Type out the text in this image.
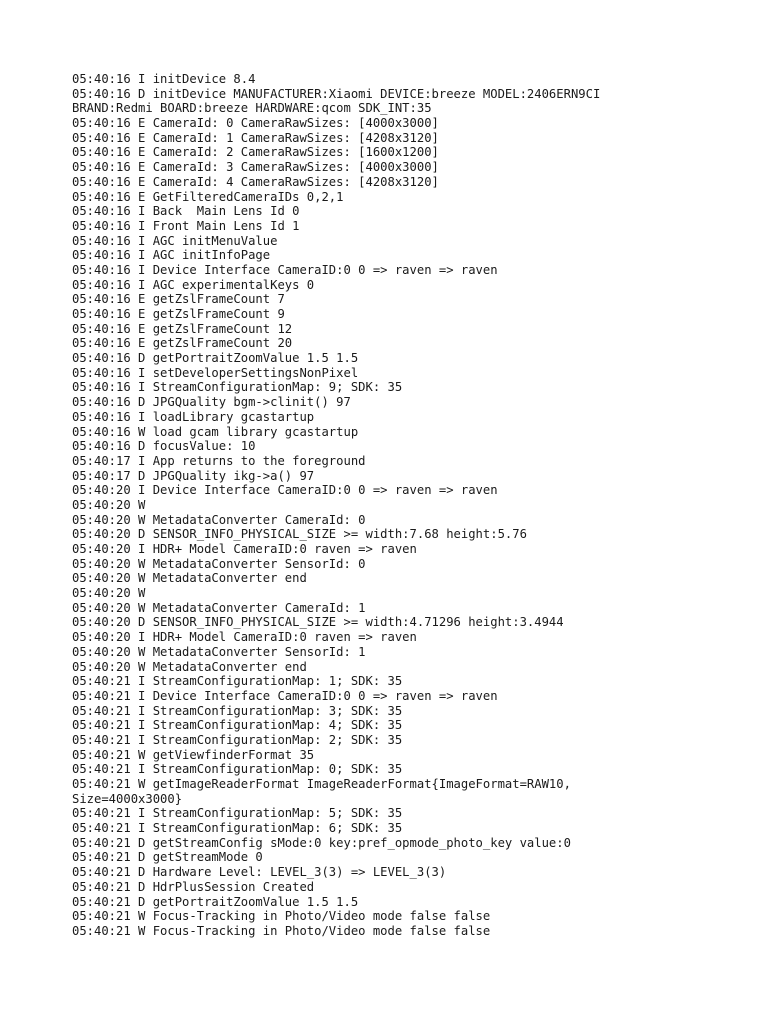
05:40:16 I initDevice 8.4
05:40:16 D initDevice MANUFACTURER:Xiaomi DEVICE:breeze MODEL:2406ERN9CI
BRAND:Redmi BOARD:breeze HARDWARE:qcom SDK_INT:35
05:40:16 E CameraId: 0 CameraRawSizes: [4000x3000]
05:40:16 E CameraId: 1 CameraRawSizes: [4208x3120]
05:40:16 E CameraId: 2 CameraRawSizes: [1600x1200]
05:40:16 E CameraId: 3 CameraRawSizes: [4000x3000]
05:40:16 E CameraId: 4 CameraRawSizes: [4208x3120]
05:40:16 E GetFilteredCameraIDs 0,2,1
05:40:16 I Back  Main Lens Id 0
05:40:16 I Front Main Lens Id 1
05:40:16 I AGC initMenuValue
05:40:16 I AGC initInfoPage
05:40:16 I Device Interface CameraID:0 0 => raven => raven
05:40:16 I AGC experimentalKeys 0
05:40:16 E getZslFrameCount 7
05:40:16 E getZslFrameCount 9
05:40:16 E getZslFrameCount 12
05:40:16 E getZslFrameCount 20
05:40:16 D getPortraitZoomValue 1.5 1.5
05:40:16 I setDeveloperSettingsNonPixel
05:40:16 I StreamConfigurationMap: 9; SDK: 35
05:40:16 D JPGQuality bgm->clinit() 97
05:40:16 I loadLibrary gcastartup
05:40:16 W load gcam library gcastartup
05:40:16 D focusValue: 10
05:40:17 I App returns to the foreground
05:40:17 D JPGQuality ikg->a() 97
05:40:20 I Device Interface CameraID:0 0 => raven => raven
05:40:20 W
05:40:20 W MetadataConverter CameraId: 0
05:40:20 D SENSOR_INFO_PHYSICAL_SIZE >= width:7.68 height:5.76
05:40:20 I HDR+ Model CameraID:0 raven => raven
05:40:20 W MetadataConverter SensorId: 0
05:40:20 W MetadataConverter end
05:40:20 W
05:40:20 W MetadataConverter CameraId: 1
05:40:20 D SENSOR_INFO_PHYSICAL_SIZE >= width:4.71296 height:3.4944
05:40:20 I HDR+ Model CameraID:0 raven => raven
05:40:20 W MetadataConverter SensorId: 1
05:40:20 W MetadataConverter end
05:40:21 I StreamConfigurationMap: 1; SDK: 35
05:40:21 I Device Interface CameraID:0 0 => raven => raven
05:40:21 I StreamConfigurationMap: 3; SDK: 35
05:40:21 I StreamConfigurationMap: 4; SDK: 35
05:40:21 I StreamConfigurationMap: 2; SDK: 35
05:40:21 W getViewfinderFormat 35
05:40:21 I StreamConfigurationMap: 0; SDK: 35
05:40:21 W getImageReaderFormat ImageReaderFormat{ImageFormat=RAW10,
Size=4000x3000}
05:40:21 I StreamConfigurationMap: 5; SDK: 35
05:40:21 I StreamConfigurationMap: 6; SDK: 35
05:40:21 D getStreamConfig sMode:0 key:pref_opmode_photo_key value:0
05:40:21 D getStreamMode 0
05:40:21 D Hardware Level: LEVEL_3(3) => LEVEL_3(3)
05:40:21 D HdrPlusSession Created
05:40:21 D getPortraitZoomValue 1.5 1.5
05:40:21 W Focus-Tracking in Photo/Video mode false false
05:40:21 W Focus-Tracking in Photo/Video mode false false
